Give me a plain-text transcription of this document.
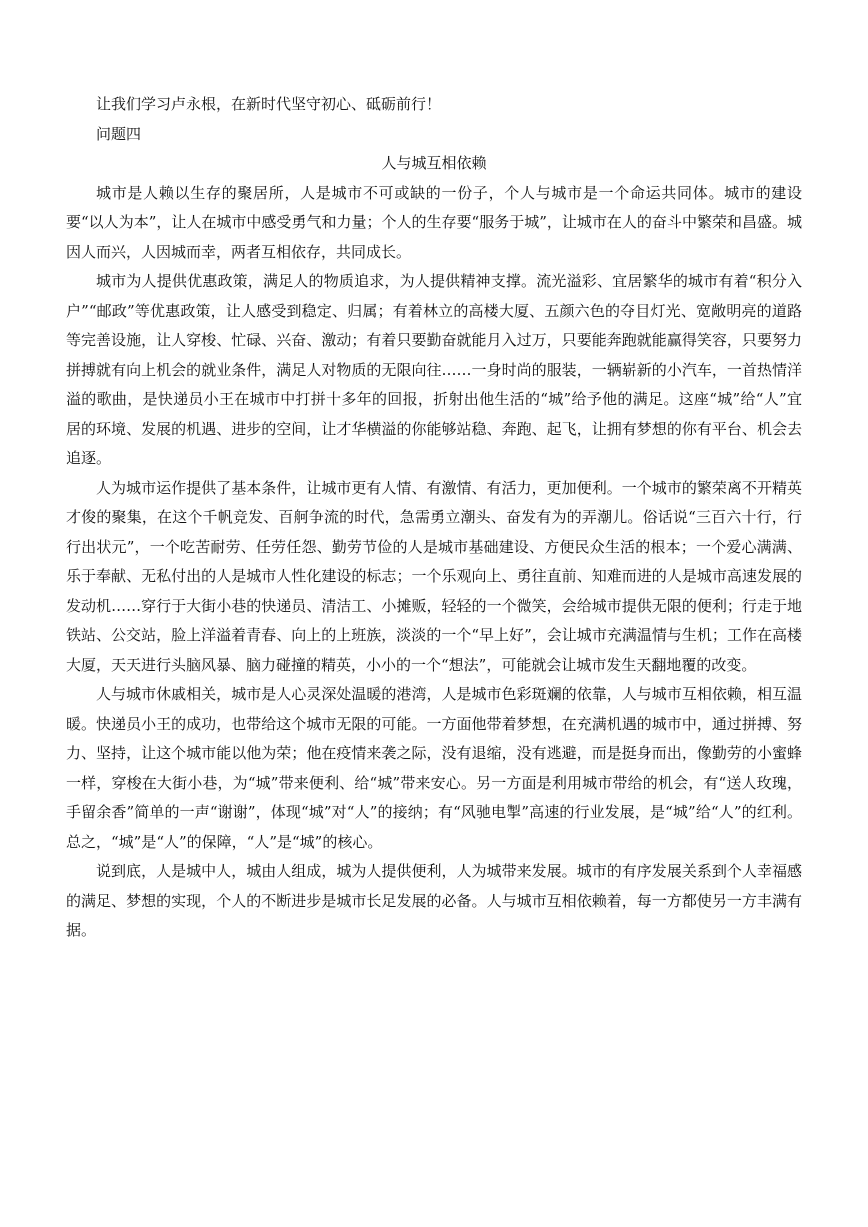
让我们学习卢永根，在新时代坚守初心、砥砺前行！
问题四
人与城互相依赖

城市是人赖以生存的聚居所，人是城市不可或缺的一份子，个人与城市是一个命运共同体。城市的建设要“以人为本”，让人在城市中感受勇气和力量；个人的生存要“服务于城”，让城市在人的奋斗中繁荣和昌盛。城因人而兴，人因城而幸，两者互相依存，共同成长。

城市为人提供优惠政策，满足人的物质追求，为人提供精神支撑。流光溢彩、宜居繁华的城市有着“积分入户”“邮政”等优惠政策，让人感受到稳定、归属；有着林立的高楼大厦、五颜六色的夺目灯光、宽敞明亮的道路等完善设施，让人穿梭、忙碌、兴奋、激动；有着只要勤奋就能月入过万，只要能奔跑就能赢得笑容，只要努力拼搏就有向上机会的就业条件，满足人对物质的无限向往……一身时尚的服装，一辆崭新的小汽车，一首热情洋溢的歌曲，是快递员小王在城市中打拼十多年的回报，折射出他生活的“城”给予他的满足。这座“城”给“人”宜居的环境、发展的机遇、进步的空间，让才华横溢的你能够站稳、奔跑、起飞，让拥有梦想的你有平台、机会去追逐。

人为城市运作提供了基本条件，让城市更有人情、有激情、有活力，更加便利。一个城市的繁荣离不开精英才俊的聚集，在这个千帆竞发、百舸争流的时代，急需勇立潮头、奋发有为的弄潮儿。俗话说“三百六十行，行行出状元”，一个吃苦耐劳、任劳任怨、勤劳节俭的人是城市基础建设、方便民众生活的根本；一个爱心满满、乐于奉献、无私付出的人是城市人性化建设的标志；一个乐观向上、勇往直前、知难而进的人是城市高速发展的发动机……穿行于大街小巷的快递员、清洁工、小摊贩，轻轻的一个微笑，会给城市提供无限的便利；行走于地铁站、公交站，脸上洋溢着青春、向上的上班族，淡淡的一个“早上好”，会让城市充满温情与生机；工作在高楼大厦，天天进行头脑风暴、脑力碰撞的精英，小小的一个“想法”，可能就会让城市发生天翻地覆的改变。

人与城市休戚相关，城市是人心灵深处温暖的港湾，人是城市色彩斑斓的依靠，人与城市互相依赖，相互温暖。快递员小王的成功，也带给这个城市无限的可能。一方面他带着梦想，在充满机遇的城市中，通过拼搏、努力、坚持，让这个城市能以他为荣；他在疫情来袭之际，没有退缩，没有逃避，而是挺身而出，像勤劳的小蜜蜂一样，穿梭在大街小巷，为“城”带来便利、给“城”带来安心。另一方面是利用城市带给的机会，有“送人玫瑰，手留余香”简单的一声“谢谢”，体现“城”对“人”的接纳；有“风驰电掣”高速的行业发展，是“城”给“人”的红利。总之，“城”是“人”的保障，“人”是“城”的核心。

说到底，人是城中人，城由人组成，城为人提供便利，人为城带来发展。城市的有序发展关系到个人幸福感的满足、梦想的实现，个人的不断进步是城市长足发展的必备。人与城市互相依赖着，每一方都使另一方丰满有据。
